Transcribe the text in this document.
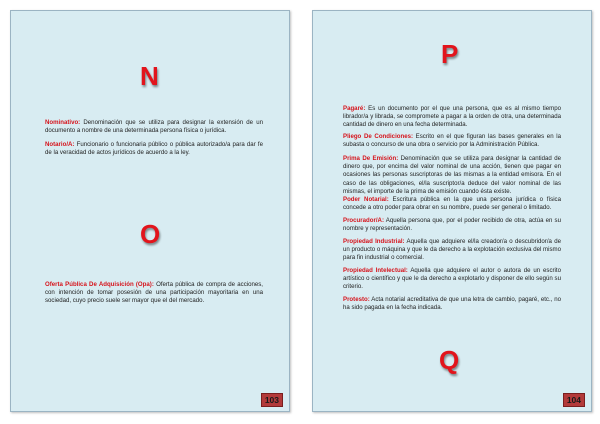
N
Nominativo: Denominación que se utiliza para designar la extensión de un documento a nombre de una determinada persona física o jurídica.
Notario/A: Funcionario o funcionaria público o pública autorizado/a para dar fe de la veracidad de actos jurídicos de acuerdo a la ley.
O
Oferta Pública De Adquisición (Opa): Oferta pública de compra de acciones, con intención de tomar posesión de una participación mayoritaria en una sociedad, cuyo precio suele ser mayor que el del mercado.
103
P
Pagaré: Es un documento por el que una persona, que es al mismo tiempo librador/a y librada, se compromete a pagar a la orden de otra, una determinada cantidad de dinero en una fecha determinada.
Pliego De Condiciones: Escrito en el que figuran las bases generales en la subasta o concurso de una obra o servicio por la Administración Pública.
Prima De Emisión: Denominación que se utiliza para designar la cantidad de dinero que, por encima del valor nominal de una acción, tienen que pagar en ocasiones las personas suscriptoras de las mismas a la entidad emisora. En el caso de las obligaciones, el/la suscriptor/a deduce del valor nominal de las mismas, el importe de la prima de emisión cuando ésta existe.
Poder Notarial: Escritura pública en la que una persona jurídica o física concede a otro poder para obrar en su nombre, puede ser general o limitado.
Procurador/A: Aquella persona que, por el poder recibido de otra, actúa en su nombre y representación.
Propiedad Industrial: Aquella que adquiere el/la creador/a o descubridor/a de un producto o máquina y que le da derecho a la explotación exclusiva del mismo para fin industrial o comercial.
Propiedad Intelectual: Aquella que adquiere el autor o autora de un escrito artístico o científico y que le da derecho a explotarlo y disponer de ello según su criterio.
Protesto: Acta notarial acreditativa de que una letra de cambio, pagaré, etc., no ha sido pagada en la fecha indicada.
Q
104
